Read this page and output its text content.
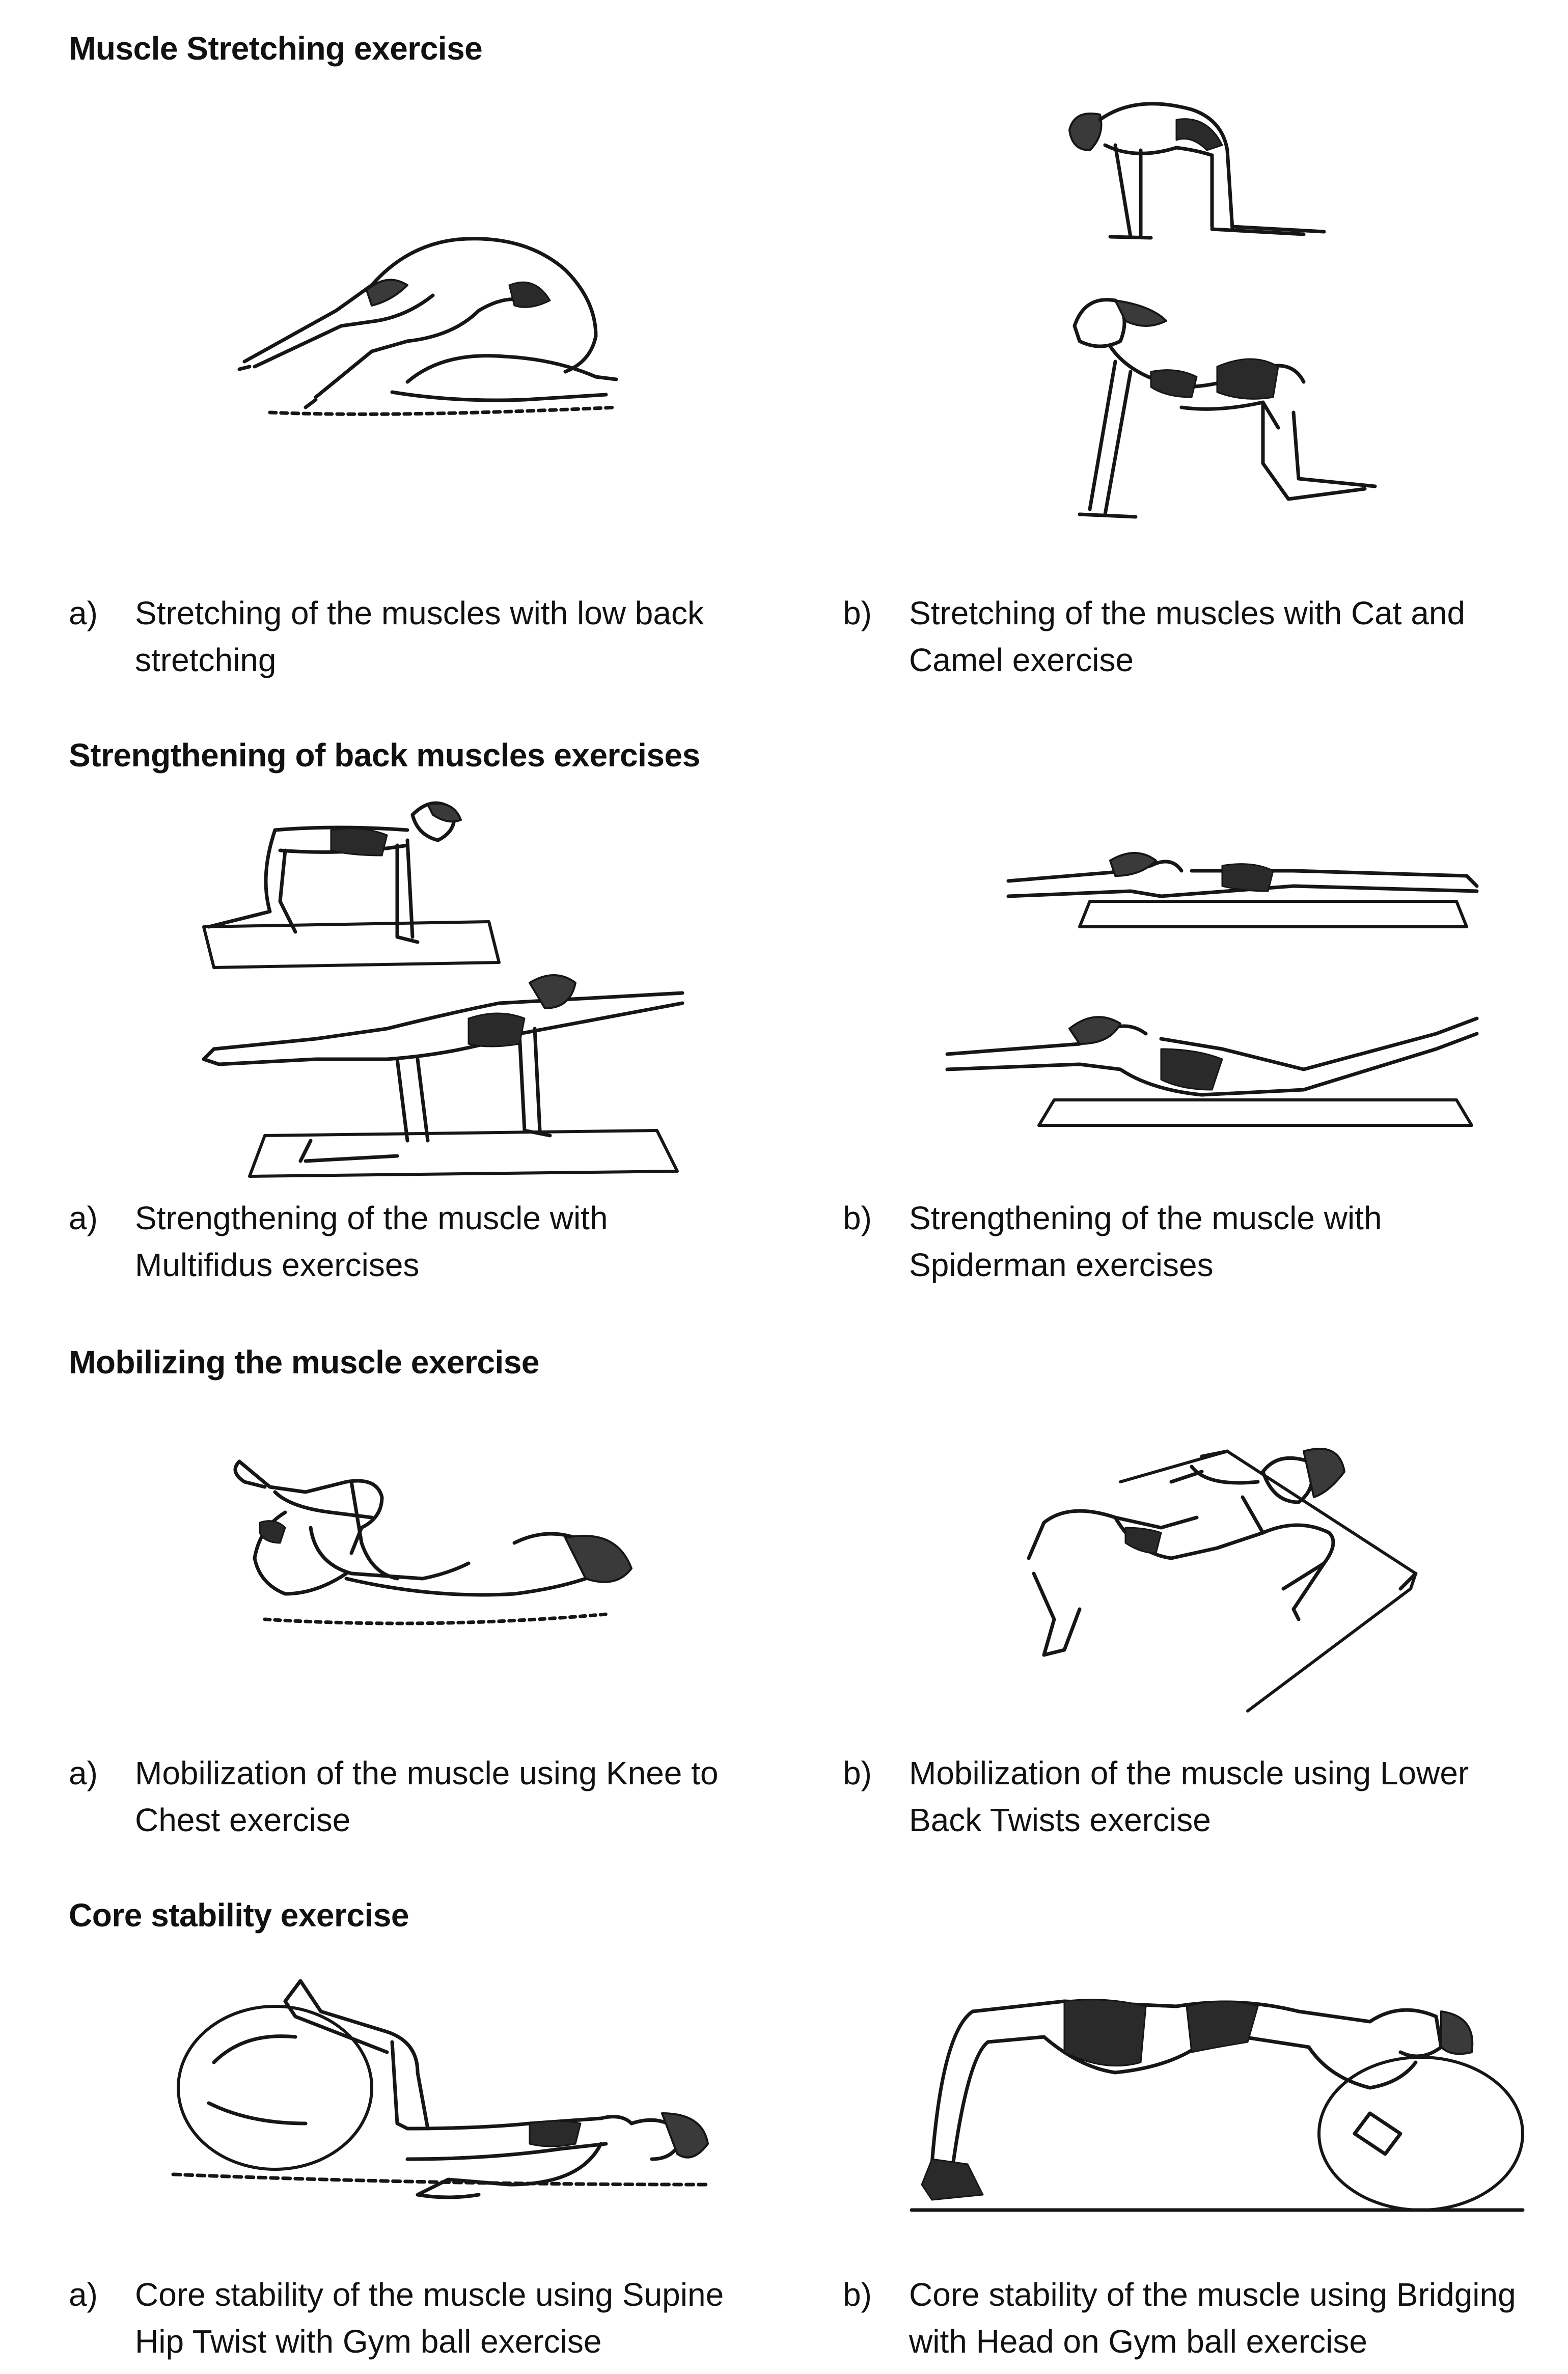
Muscle Stretching exercise
a)	Stretching of the muscles with low back
stretching
b)	Stretching of the muscles with Cat and
Camel exercise
Strengthening of back muscles exercises
a)	Strengthening of the muscle with
Multifidus exercises
b)	Strengthening of the muscle with
Spiderman exercises
Mobilizing the muscle exercise
a)	Mobilization of the muscle using Knee to
Chest exercise
b)	Mobilization of the muscle using Lower
Back Twists exercise
Core stability exercise
a)	Core stability of the muscle using Supine
Hip Twist with Gym ball exercise
b)	Core stability of the muscle using Bridging
with Head on Gym ball exercise
